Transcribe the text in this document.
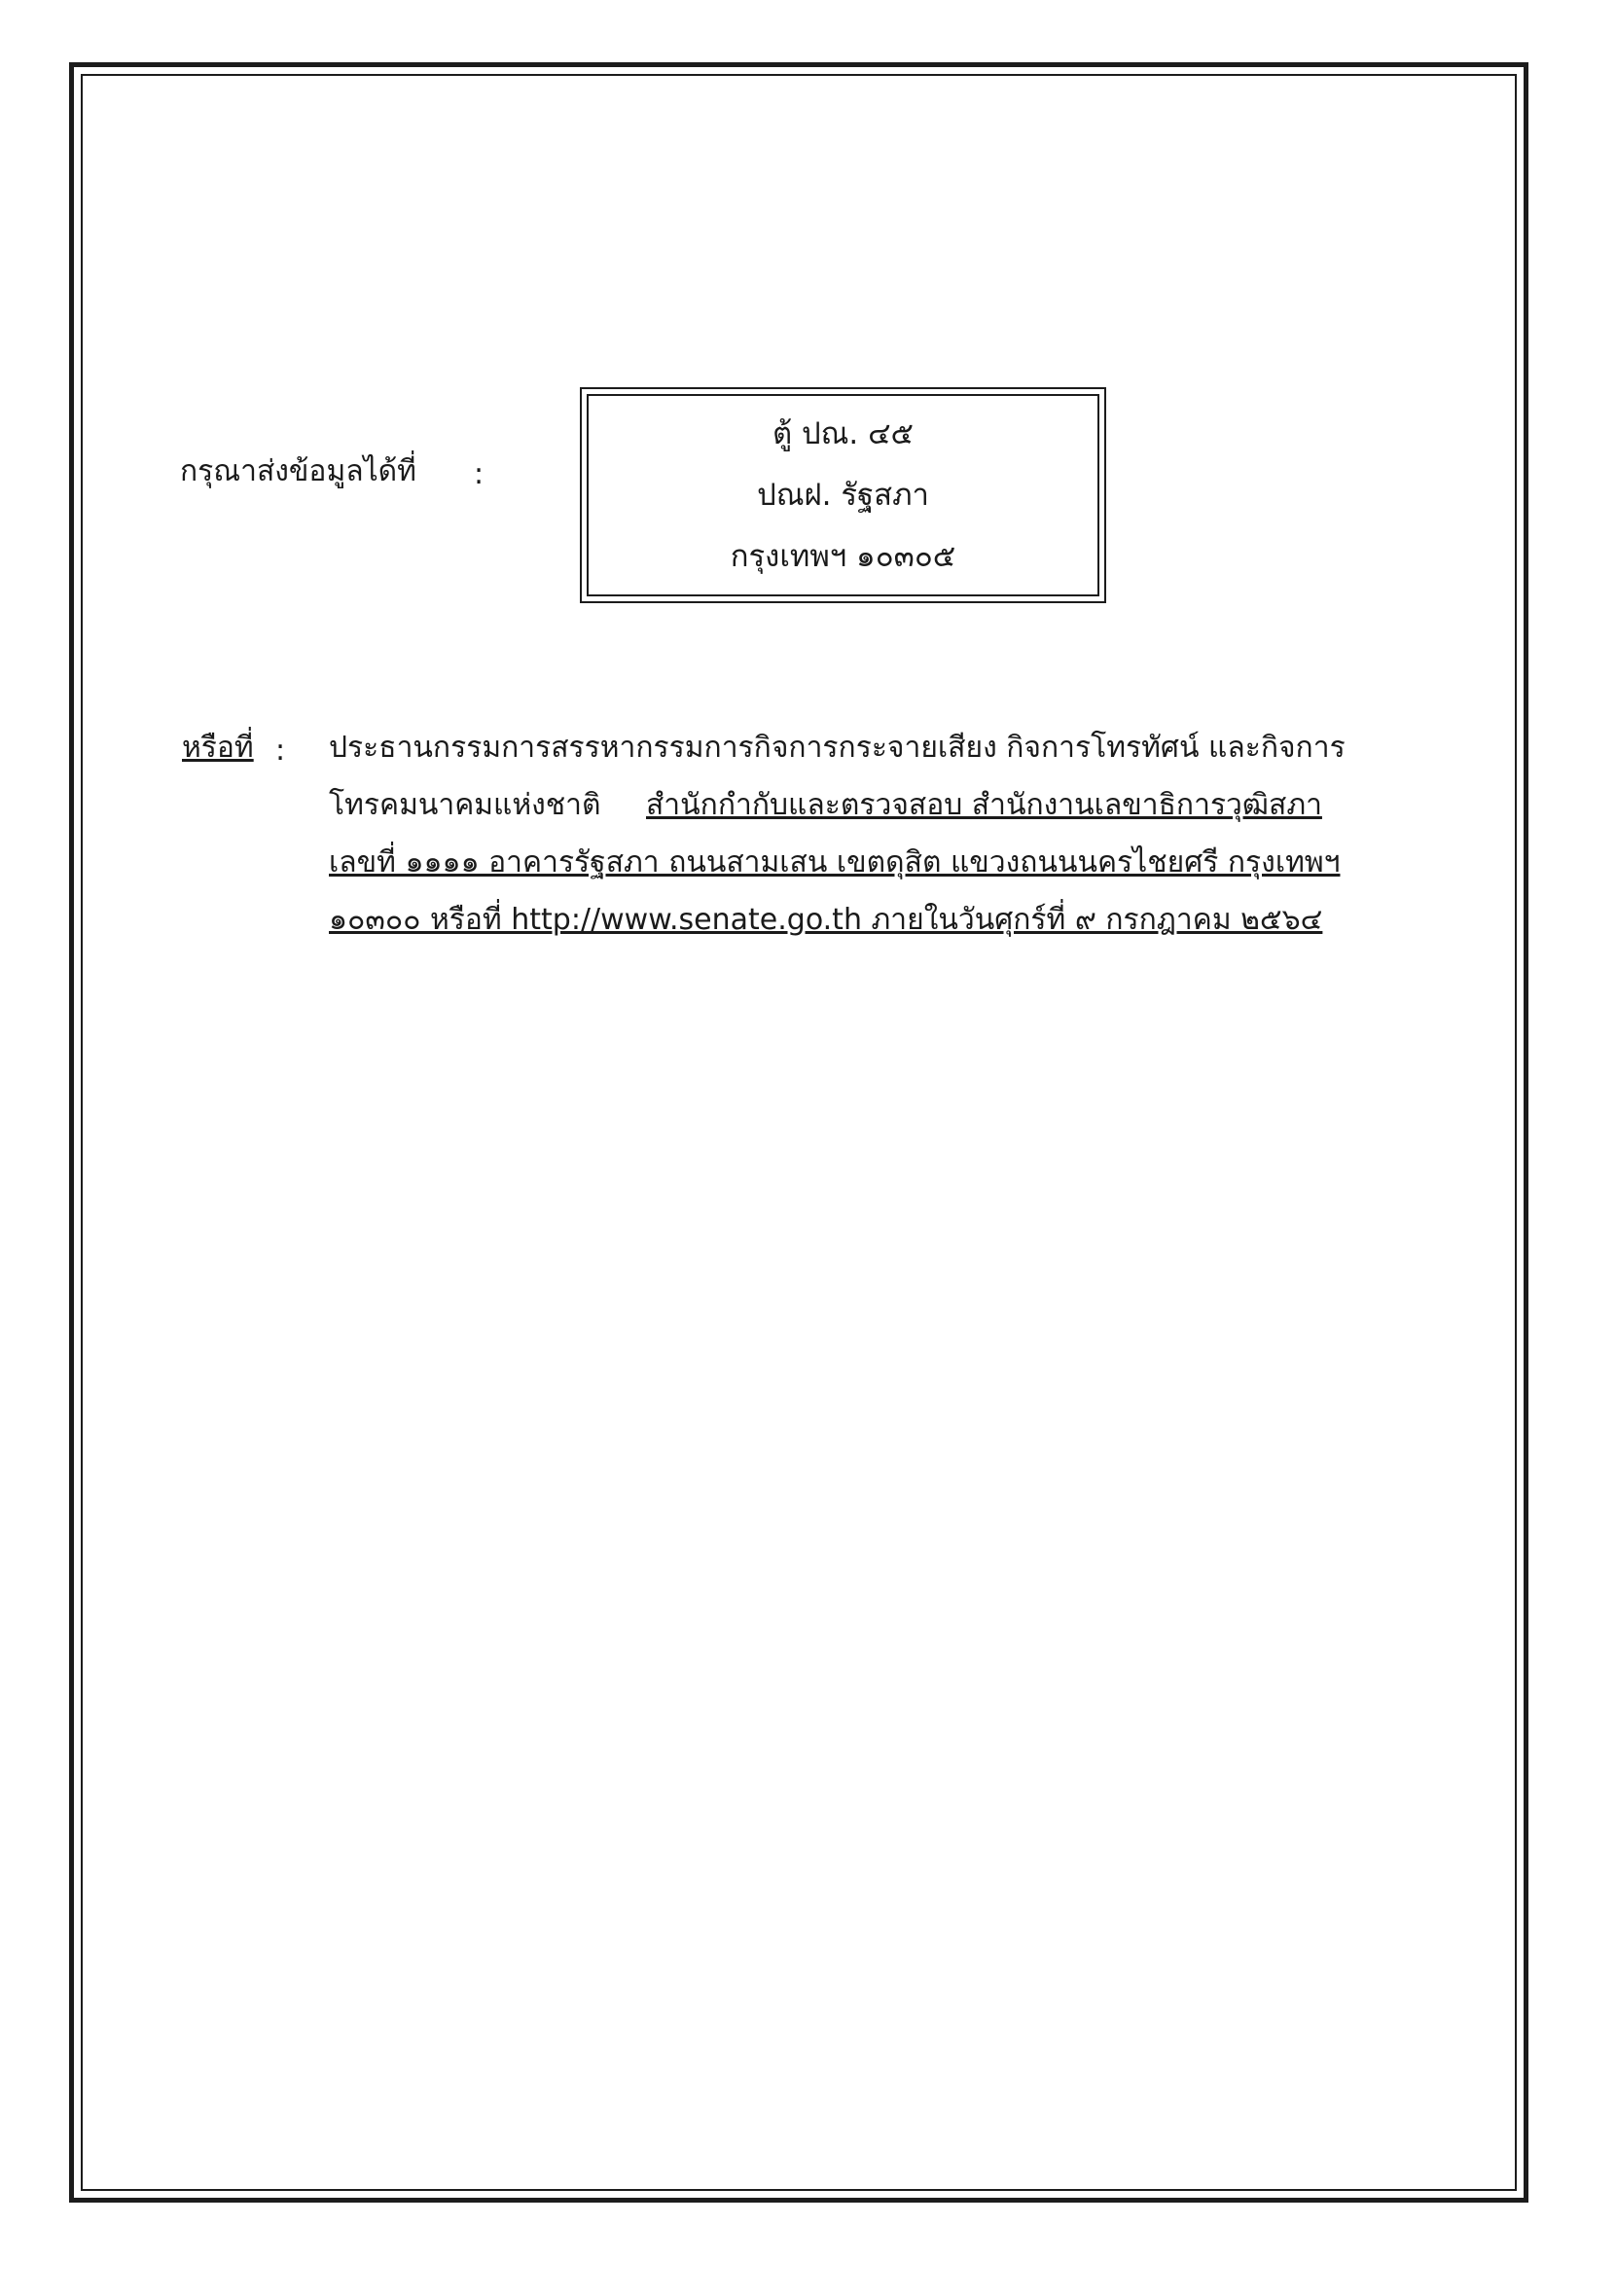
กรุณาส่งข้อมูลได้ที่ :
ตู้ ปณ. ๔๕
ปณฝ. รัฐสภา
กรุงเทพฯ ๑๐๓๐๕
หรือที่ : ประธานกรรมการสรรหากรรมการกิจการกระจายเสียง กิจการโทรทัศน์ และกิจการ
โทรคมนาคมแห่งชาติ สำนักกำกับและตรวจสอบ สำนักงานเลขาธิการวุฒิสภา
เลขที่ ๑๑๑๑ อาคารรัฐสภา ถนนสามเสน เขตดุสิต แขวงถนนนครไชยศรี กรุงเทพฯ
๑๐๓๐๐ หรือที่ http://www.senate.go.th ภายในวันศุกร์ที่ ๙ กรกฎาคม ๒๕๖๔
